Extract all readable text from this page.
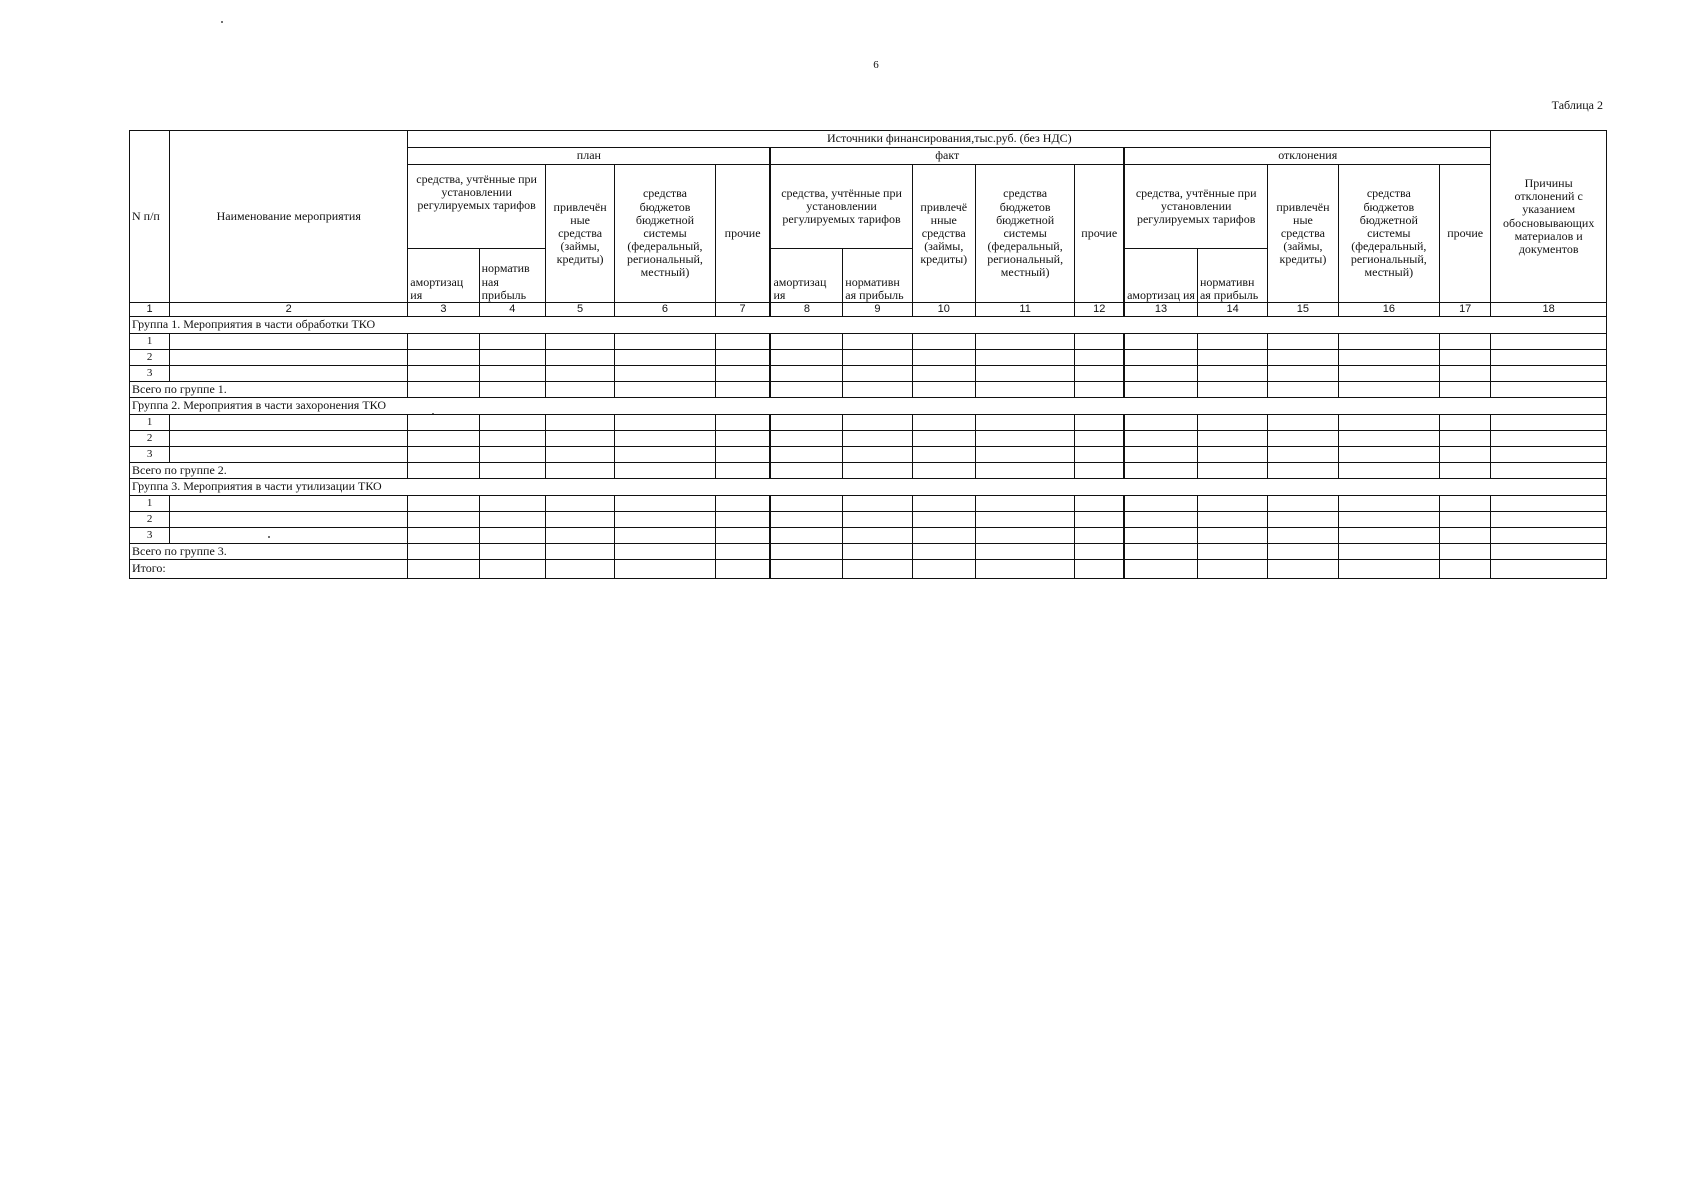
6
Таблица 2
N п/п	Наименование мероприятия	Источники финансирования,тыс.руб. (без НДС)															Причины отклонений с указанием обосновывающих материалов и документов
		план					факт					отклонения					
		средства, учтённые при установлении регулируемых тарифов		привлечён ные средства (займы, кредиты)	средства бюджетов бюджетной системы (федеральный, региональный, местный)	прочие	средства, учтённые при установлении регулируемых тарифов		привлечё нные средства (займы, кредиты)	средства бюджетов бюджетной системы (федеральный, региональный, местный)	прочие	средства, учтённые при установлении регулируемых тарифов		привлечён ные средства (займы, кредиты)	средства бюджетов бюджетной системы (федеральный, региональный, местный)	прочие	
		амортизац ия	норматив ная прибыль				амортизац ия	нормативн ая прибыль				амортизац ия	нормативн ая прибыль				

1	2	3	4	5	6	7	8	9	10	11	12	13	14	15	16	17	18
Группа 1. Мероприятия в части обработки ТКО																	
1																	
2																	
3																	
Всего по группе 1.																	
Группа 2. Мероприятия в части захоронения ТКО																	
1																	
2																	
3																	
Всего по группе 2.																	
Группа 3. Мероприятия в части утилизации ТКО																	
1																	
2																	
3																	
Всего по группе 3.																	
Итого:																	
